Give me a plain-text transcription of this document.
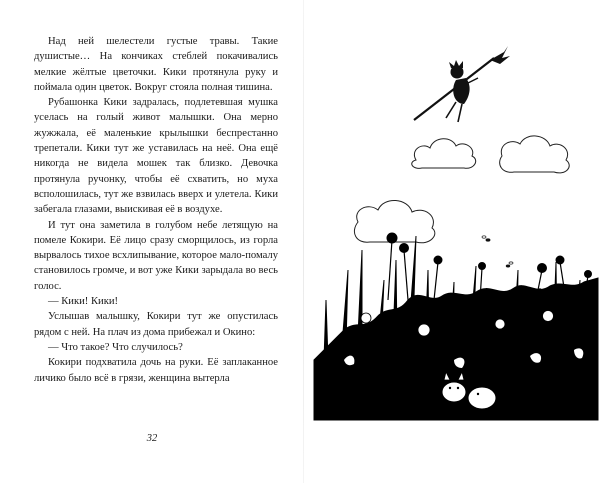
Над ней шелестели густые травы. Такие душистые… На кончиках стеблей покачивались мелкие жёлтые цветочки. Кики протянула руку и поймала один цветок. Вокруг стояла полная тишина.

Рубашонка Кики задралась, подлетевшая мушка уселась на голый живот малышки. Она мерно жужжала, её маленькие крылышки беспрестанно трепетали. Кики тут же уставилась на неё. Она ещё никогда не видела мошек так близко. Девочка протянула ручонку, чтобы её схватить, но муха всполошилась, тут же взвилась вверх и улетела. Кики забегала глазами, выискивая её в воздухе.

И тут она заметила в голубом небе летящую на помеле Кокири. Её лицо сразу сморщилось, из горла вырвалось тихое всхлипывание, которое мало-помалу становилось громче, и вот уже Кики зарыдала во весь голос.

— Кики! Кики!

Услышав малышку, Кокири тут же опустилась рядом с ней. На плач из дома прибежал и Окино:

— Что такое? Что случилось?

Кокири подхватила дочь на руки. Её заплаканное личико было всё в грязи, женщина вытерла

32
